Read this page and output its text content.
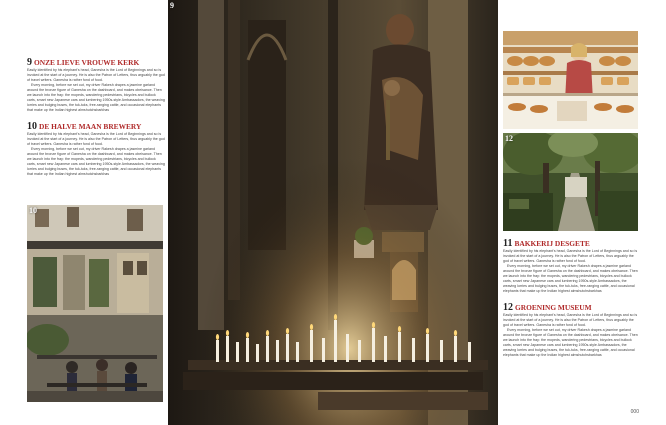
9 ONZE LIEVE VROUWE KERK

Easily identified by his elephant's head, Ganesha is the Lord of Beginnings and so is invoked at the start of a journey. He is also the Patron of Letters, thus arguably the god of travel writers. Ganesha is rather fond of food.

Every morning, before we set out, my driver Rakesh drapes a jasmine garland around the bronze figure of Ganesha on the dashboard, and makes obeisance. Then we launch into the fray: the mopeds, wandering pedestrians, bicycles and bullock carts, smart new Japanese cars and lumbering 1950s-style Ambassadors, the weaving lorries and bulging buses, the tuk-tuks, free-ranging cattle, and occasional elephants that make up the Indian highest almshutchsbarkhas

10 DE HALVE MAAN BREWERY

Easily identified by his elephant's head, Ganesha is the Lord of Beginnings and so is invoked at the start of a journey. He is also the Patron of Letters, thus arguably the god of travel writers. Ganesha is rather fond of food.

Every morning, before we set out, my driver Rakesh drapes a jasmine garland around the bronze figure of Ganesha on the dashboard, and makes obeisance. Then we launch into the fray: the mopeds, wandering pedestrians, bicycles and bullock carts, smart new Japanese cars and lumbering 1950s-style Ambassadors, the weaving lorries and bulging buses, the tuk-tuks, free-ranging cattle, and occasional elephants that make up the Indian highest almshutchsbarkhas

10
9
12
11 BAKKERIJ DESGETE

Easily identified by his elephant's head, Ganesha is the Lord of Beginnings and so is invoked at the start of a journey. He is also the Patron of Letters, thus arguably the god of travel writers. Ganesha is rather fond of food.

Every morning, before we set out, my driver Rakesh drapes a jasmine garland around the bronze figure of Ganesha on the dashboard, and makes obeisance. Then we launch into the fray: the mopeds, wandering pedestrians, bicycles and bullock carts, smart new Japanese cars and lumbering 1950s-style Ambassadors, the weaving lorries and bulging buses, the tuk-tuks, free-ranging cattle, and occasional elephants that make up the Indian highest almshutchsbarkhas

12 GROENING MUSEUM

Easily identified by his elephant's head, Ganesha is the Lord of Beginnings and so is invoked at the start of a journey. He is also the Patron of Letters, thus arguably the god of travel writers. Ganesha is rather fond of food.

Every morning, before we set out, my driver Rakesh drapes a jasmine garland around the bronze figure of Ganesha on the dashboard, and makes obeisance. Then we launch into the fray: the mopeds, wandering pedestrians, bicycles and bullock carts, smart new Japanese cars and lumbering 1950s-style Ambassadors, the weaving lorries and bulging buses, the tuk-tuks, free-ranging cattle, and occasional elephants that make up the Indian highest almshutchsbarkhas

000
